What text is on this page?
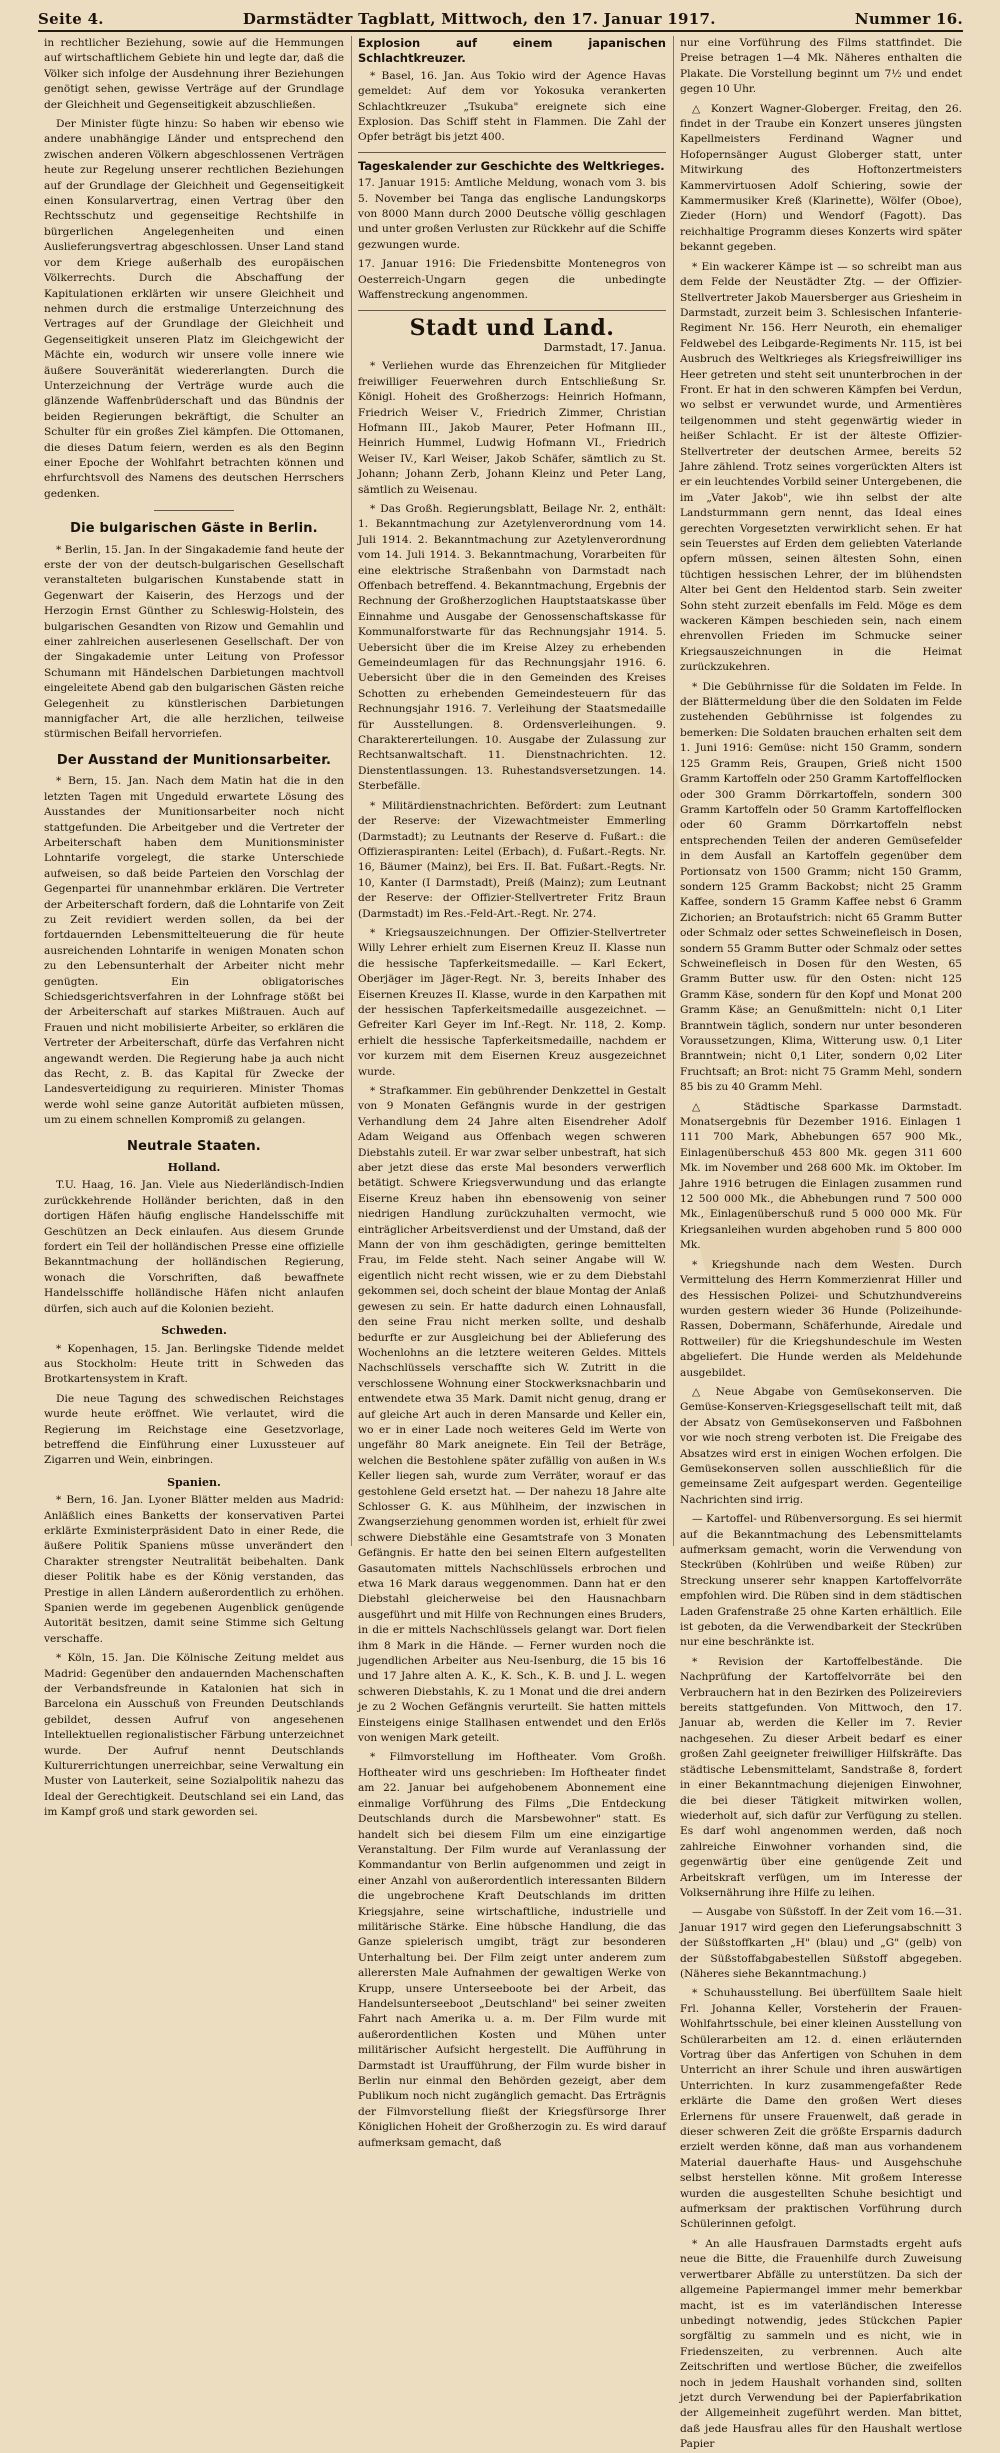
Seite 4.	Darmstädter Tagblatt, Mittwoch, den 17. Januar 1917.	Nummer 16.

in rechtlicher Beziehung, sowie auf die Hemmungen auf wirtschaftlichem Gebiete hin und legte dar, daß die Völker sich infolge der Ausdehnung ihrer Beziehungen genötigt sehen, gewisse Verträge auf der Grundlage der Gleichheit und Gegenseitigkeit abzuschließen.

Der Minister fügte hinzu: So haben wir ebenso wie andere unabhängige Länder und entsprechend den zwischen anderen Völkern abgeschlossenen Verträgen heute zur Regelung unserer rechtlichen Beziehungen auf der Grundlage der Gleichheit und Gegenseitigkeit einen Konsularvertrag, einen Vertrag über den Rechtsschutz und gegenseitige Rechtshilfe in bürgerlichen Angelegenheiten und einen Auslieferungsvertrag abgeschlossen. Unser Land stand vor dem Kriege außerhalb des europäischen Völkerrechts. Durch die Abschaffung der Kapitulationen erklärten wir unsere Gleichheit und nehmen durch die erstmalige Unterzeichnung des Vertrages auf der Grundlage der Gleichheit und Gegenseitigkeit unseren Platz im Gleichgewicht der Mächte ein, wodurch wir unsere volle innere wie äußere Souveränität wiedererlangten. Durch die Unterzeichnung der Verträge wurde auch die glänzende Waffenbrüderschaft und das Bündnis der beiden Regierungen bekräftigt, die Schulter an Schulter für ein großes Ziel kämpfen. Die Ottomanen, die dieses Datum feiern, werden es als den Beginn einer Epoche der Wohlfahrt betrachten können und ehrfurchtsvoll des Namens des deutschen Herrschers gedenken.

Die bulgarischen Gäste in Berlin.

* Berlin, 15. Jan. In der Singakademie fand heute der erste der von der deutsch-bulgarischen Gesellschaft veranstalteten bulgarischen Kunstabende statt in Gegenwart der Kaiserin, des Herzogs und der Herzogin Ernst Günther zu Schleswig-Holstein, des bulgarischen Gesandten von Rizow und Gemahlin und einer zahlreichen auserlesenen Gesellschaft. Der von der Singakademie unter Leitung von Professor Schumann mit Händelschen Darbietungen machtvoll eingeleitete Abend gab den bulgarischen Gästen reiche Gelegenheit zu künstlerischen Darbietungen mannigfacher Art, die alle herzlichen, teilweise stürmischen Beifall hervorriefen.

Der Ausstand der Munitionsarbeiter.

* Bern, 15. Jan. Nach dem Matin hat die in den letzten Tagen mit Ungeduld erwartete Lösung des Ausstandes der Munitionsarbeiter noch nicht stattgefunden. Die Arbeitgeber und die Vertreter der Arbeiterschaft haben dem Munitionsminister Lohntarife vorgelegt, die starke Unterschiede aufweisen, so daß beide Parteien den Vorschlag der Gegenpartei für unannehmbar erklären. Die Vertreter der Arbeiterschaft fordern, daß die Lohntarife von Zeit zu Zeit revidiert werden sollen, da bei der fortdauernden Lebensmittelteuerung die für heute ausreichenden Lohntarife in wenigen Monaten schon zu den Lebensunterhalt der Arbeiter nicht mehr genügten. Ein obligatorisches Schiedsgerichtsverfahren in der Lohnfrage stößt bei der Arbeiterschaft auf starkes Mißtrauen. Auch auf Frauen und nicht mobilisierte Arbeiter, so erklären die Vertreter der Arbeiterschaft, dürfe das Verfahren nicht angewandt werden. Die Regierung habe ja auch nicht das Recht, z. B. das Kapital für Zwecke der Landesverteidigung zu requirieren. Minister Thomas werde wohl seine ganze Autorität aufbieten müssen, um zu einem schnellen Kompromiß zu gelangen.

Neutrale Staaten.
Holland.

T.U. Haag, 16. Jan. Viele aus Niederländisch-Indien zurückkehrende Holländer berichten, daß in den dortigen Häfen häufig englische Handelsschiffe mit Geschützen an Deck einlaufen. Aus diesem Grunde fordert ein Teil der holländischen Presse eine offizielle Bekanntmachung der holländischen Regierung, wonach die Vorschriften, daß bewaffnete Handelsschiffe holländische Häfen nicht anlaufen dürfen, sich auch auf die Kolonien bezieht.

Schweden.

* Kopenhagen, 15. Jan. Berlingske Tidende meldet aus Stockholm: Heute tritt in Schweden das Brotkartensystem in Kraft.

Die neue Tagung des schwedischen Reichstages wurde heute eröffnet. Wie verlautet, wird die Regierung im Reichstage eine Gesetzvorlage, betreffend die Einführung einer Luxussteuer auf Zigarren und Wein, einbringen.

Spanien.

* Bern, 16. Jan. Lyoner Blätter melden aus Madrid: Anläßlich eines Banketts der konservativen Partei erklärte Exministerpräsident Dato in einer Rede, die äußere Politik Spaniens müsse unverändert den Charakter strengster Neutralität beibehalten. Dank dieser Politik habe es der König verstanden, das Prestige in allen Ländern außerordentlich zu erhöhen. Spanien werde im gegebenen Augenblick genügende Autorität besitzen, damit seine Stimme sich Geltung verschaffe.

* Köln, 15. Jan. Die Kölnische Zeitung meldet aus Madrid: Gegenüber den andauernden Machenschaften der Verbandsfreunde in Katalonien hat sich in Barcelona ein Ausschuß von Freunden Deutschlands gebildet, dessen Aufruf von angesehenen Intellektuellen regionalistischer Färbung unterzeichnet wurde. Der Aufruf nennt Deutschlands Kulturerrichtungen unerreichbar, seine Verwaltung ein Muster von Lauterkeit, seine Sozialpolitik nahezu das Ideal der Gerechtigkeit. Deutschland sei ein Land, das im Kampf groß und stark geworden sei.

Explosion auf einem japanischen Schlachtkreuzer.

* Basel, 16. Jan. Aus Tokio wird der Agence Havas gemeldet: Auf dem vor Yokosuka verankerten Schlachtkreuzer „Tsukuba" ereignete sich eine Explosion. Das Schiff steht in Flammen. Die Zahl der Opfer beträgt bis jetzt 400.

Tageskalender zur Geschichte des Weltkrieges.

17. Januar 1915: Amtliche Meldung, wonach vom 3. bis 5. November bei Tanga das englische Landungskorps von 8000 Mann durch 2000 Deutsche völlig geschlagen und unter großen Verlusten zur Rückkehr auf die Schiffe gezwungen wurde.

17. Januar 1916: Die Friedensbitte Montenegros von Oesterreich-Ungarn gegen die unbedingte Waffenstreckung angenommen.

Stadt und Land.
Darmstadt, 17. Janua.

* Verliehen wurde das Ehrenzeichen für Mitglieder freiwilliger Feuerwehren durch Entschließung Sr. Königl. Hoheit des Großherzogs: Heinrich Hofmann, Friedrich Weiser V., Friedrich Zimmer, Christian Hofmann III., Jakob Maurer, Peter Hofmann III., Heinrich Hummel, Ludwig Hofmann VI., Friedrich Weiser IV., Karl Weiser, Jakob Schäfer, sämtlich zu St. Johann; Johann Zerb, Johann Kleinz und Peter Lang, sämtlich zu Weisenau.

* Das Großh. Regierungsblatt, Beilage Nr. 2, enthält: 1. Bekanntmachung zur Azetylenverordnung vom 14. Juli 1914. 2. Bekanntmachung zur Azetylenverordnung vom 14. Juli 1914. 3. Bekanntmachung, Vorarbeiten für eine elektrische Straßenbahn von Darmstadt nach Offenbach betreffend. 4. Bekanntmachung, Ergebnis der Rechnung der Großherzoglichen Hauptstaatskasse über Einnahme und Ausgabe der Genossenschaftskasse für Kommunalforstwarte für das Rechnungsjahr 1914. 5. Uebersicht über die im Kreise Alzey zu erhebenden Gemeindeumlagen für das Rechnungsjahr 1916. 6. Uebersicht über die in den Gemeinden des Kreises Schotten zu erhebenden Gemeindesteuern für das Rechnungsjahr 1916. 7. Verleihung der Staatsmedaille für Ausstellungen. 8. Ordensverleihungen. 9. Charaktererteilungen. 10. Ausgabe der Zulassung zur Rechtsanwaltschaft. 11. Dienstnachrichten. 12. Dienstentlassungen. 13. Ruhestandsversetzungen. 14. Sterbefälle.

* Militärdienstnachrichten. Befördert: zum Leutnant der Reserve: der Vizewachtmeister Emmerling (Darmstadt); zu Leutnants der Reserve d. Fußart.: die Offizieraspiranten: Leitel (Erbach), d. Fußart.-Regts. Nr. 16, Bäumer (Mainz), bei Ers. II. Bat. Fußart.-Regts. Nr. 10, Kanter (I Darmstadt), Preiß (Mainz); zum Leutnant der Reserve: der Offizier-Stellvertreter Fritz Braun (Darmstadt) im Res.-Feld-Art.-Regt. Nr. 274.

* Kriegsauszeichnungen. Der Offizier-Stellvertreter Willy Lehrer erhielt zum Eisernen Kreuz II. Klasse nun die hessische Tapferkeitsmedaille. — Karl Eckert, Oberjäger im Jäger-Regt. Nr. 3, bereits Inhaber des Eisernen Kreuzes II. Klasse, wurde in den Karpathen mit der hessischen Tapferkeitsmedaille ausgezeichnet. — Gefreiter Karl Geyer im Inf.-Regt. Nr. 118, 2. Komp. erhielt die hessische Tapferkeitsmedaille, nachdem er vor kurzem mit dem Eisernen Kreuz ausgezeichnet wurde.

* Strafkammer. Ein gebührender Denkzettel in Gestalt von 9 Monaten Gefängnis wurde in der gestrigen Verhandlung dem 24 Jahre alten Eisendreher Adolf Adam Weigand aus Offenbach wegen schweren Diebstahls zuteil. Er war zwar selber unbestraft, hat sich aber jetzt diese das erste Mal besonders verwerflich betätigt. Schwere Kriegsverwundung und das erlangte Eiserne Kreuz haben ihn ebensowenig von seiner niedrigen Handlung zurückzuhalten vermocht, wie einträglicher Arbeitsverdienst und der Umstand, daß der Mann der von ihm geschädigten, geringe bemittelten Frau, im Felde steht. Nach seiner Angabe will W. eigentlich nicht recht wissen, wie er zu dem Diebstahl gekommen sei, doch scheint der blaue Montag der Anlaß gewesen zu sein. Er hatte dadurch einen Lohnausfall, den seine Frau nicht merken sollte, und deshalb bedurfte er zur Ausgleichung bei der Ablieferung des Wochenlohns an die letztere weiteren Geldes. Mittels Nachschlüssels verschaffte sich W. Zutritt in die verschlossene Wohnung einer Stockwerksnachbarin und entwendete etwa 35 Mark. Damit nicht genug, drang er auf gleiche Art auch in deren Mansarde und Keller ein, wo er in einer Lade noch weiteres Geld im Werte von ungefähr 80 Mark aneignete. Ein Teil der Beträge, welchen die Bestohlene später zufällig von außen in W.s Keller liegen sah, wurde zum Verräter, worauf er das gestohlene Geld ersetzt hat. — Der nahezu 18 Jahre alte Schlosser G. K. aus Mühlheim, der inzwischen in Zwangserziehung genommen worden ist, erhielt für zwei schwere Diebstähle eine Gesamtstrafe von 3 Monaten Gefängnis. Er hatte den bei seinen Eltern aufgestellten Gasautomaten mittels Nachschlüssels erbrochen und etwa 16 Mark daraus weggenommen. Dann hat er den Diebstahl gleicherweise bei den Hausnachbarn ausgeführt und mit Hilfe von Rechnungen eines Bruders, in die er mittels Nachschlüssels gelangt war. Dort fielen ihm 8 Mark in die Hände. — Ferner wurden noch die jugendlichen Arbeiter aus Neu-Isenburg, die 15 bis 16 und 17 Jahre alten A. K., K. Sch., K. B. und J. L. wegen schweren Diebstahls, K. zu 1 Monat und die drei andern je zu 2 Wochen Gefängnis verurteilt. Sie hatten mittels Einsteigens einige Stallhasen entwendet und den Erlös von wenigen Mark geteilt.

* Filmvorstellung im Hoftheater. Vom Großh. Hoftheater wird uns geschrieben: Im Hoftheater findet am 22. Januar bei aufgehobenem Abonnement eine einmalige Vorführung des Films „Die Entdeckung Deutschlands durch die Marsbewohner" statt. Es handelt sich bei diesem Film um eine einzigartige Veranstaltung. Der Film wurde auf Veranlassung der Kommandantur von Berlin aufgenommen und zeigt in einer Anzahl von außerordentlich interessanten Bildern die ungebrochene Kraft Deutschlands im dritten Kriegsjahre, seine wirtschaftliche, industrielle und militärische Stärke. Eine hübsche Handlung, die das Ganze spielerisch umgibt, trägt zur besonderen Unterhaltung bei. Der Film zeigt unter anderem zum allerersten Male Aufnahmen der gewaltigen Werke von Krupp, unsere Unterseeboote bei der Arbeit, das Handelsunterseeboot „Deutschland" bei seiner zweiten Fahrt nach Amerika u. a. m. Der Film wurde mit außerordentlichen Kosten und Mühen unter militärischer Aufsicht hergestellt. Die Aufführung in Darmstadt ist Uraufführung, der Film wurde bisher in Berlin nur einmal den Behörden gezeigt, aber dem Publikum noch nicht zugänglich gemacht. Das Erträgnis der Filmvorstellung fließt der Kriegsfürsorge Ihrer Königlichen Hoheit der Großherzogin zu. Es wird darauf aufmerksam gemacht, daß

nur eine Vorführung des Films stattfindet. Die Preise betragen 1—4 Mk. Näheres enthalten die Plakate. Die Vorstellung beginnt um 7½ und endet gegen 10 Uhr.

△ Konzert Wagner-Globerger. Freitag, den 26. findet in der Traube ein Konzert unseres jüngsten Kapellmeisters Ferdinand Wagner und Hofopernsänger August Globerger statt, unter Mitwirkung des Hoftonzertmeisters Kammervirtuosen Adolf Schiering, sowie der Kammermusiker Kreß (Klarinette), Wölfer (Oboe), Zieder (Horn) und Wendorf (Fagott). Das reichhaltige Programm dieses Konzerts wird später bekannt gegeben.

* Ein wackerer Kämpe ist — so schreibt man aus dem Felde der Neustädter Ztg. — der Offizier-Stellvertreter Jakob Mauersberger aus Griesheim in Darmstadt, zurzeit beim 3. Schlesischen Infanterie-Regiment Nr. 156. Herr Neuroth, ein ehemaliger Feldwebel des Leibgarde-Regiments Nr. 115, ist bei Ausbruch des Weltkrieges als Kriegsfreiwilliger ins Heer getreten und steht seit ununterbrochen in der Front. Er hat in den schweren Kämpfen bei Verdun, wo selbst er verwundet wurde, und Armentières teilgenommen und steht gegenwärtig wieder in heißer Schlacht. Er ist der älteste Offizier-Stellvertreter der deutschen Armee, bereits 52 Jahre zählend. Trotz seines vorgerückten Alters ist er ein leuchtendes Vorbild seiner Untergebenen, die im „Vater Jakob", wie ihn selbst der alte Landsturmmann gern nennt, das Ideal eines gerechten Vorgesetzten verwirklicht sehen. Er hat sein Teuerstes auf Erden dem geliebten Vaterlande opfern müssen, seinen ältesten Sohn, einen tüchtigen hessischen Lehrer, der im blühendsten Alter bei Gent den Heldentod starb. Sein zweiter Sohn steht zurzeit ebenfalls im Feld. Möge es dem wackeren Kämpen beschieden sein, nach einem ehrenvollen Frieden im Schmucke seiner Kriegsauszeichnungen in die Heimat zurückzukehren.

* Die Gebührnisse für die Soldaten im Felde. In der Blättermeldung über die den Soldaten im Felde zustehenden Gebührnisse ist folgendes zu bemerken: Die Soldaten brauchen erhalten seit dem 1. Juni 1916: Gemüse: nicht 150 Gramm, sondern 125 Gramm Reis, Graupen, Grieß nicht 1500 Gramm Kartoffeln oder 250 Gramm Kartoffelflocken oder 300 Gramm Dörrkartoffeln, sondern 300 Gramm Kartoffeln oder 50 Gramm Kartoffelflocken oder 60 Gramm Dörrkartoffeln nebst entsprechenden Teilen der anderen Gemüsefelder in dem Ausfall an Kartoffeln gegenüber dem Portionsatz von 1500 Gramm; nicht 150 Gramm, sondern 125 Gramm Backobst; nicht 25 Gramm Kaffee, sondern 15 Gramm Kaffee nebst 6 Gramm Zichorien; an Brotaufstrich: nicht 65 Gramm Butter oder Schmalz oder settes Schweinefleisch in Dosen, sondern 55 Gramm Butter oder Schmalz oder settes Schweinefleisch in Dosen für den Westen, 65 Gramm Butter usw. für den Osten: nicht 125 Gramm Käse, sondern für den Kopf und Monat 200 Gramm Käse; an Genußmitteln: nicht 0,1 Liter Branntwein täglich, sondern nur unter besonderen Voraussetzungen, Klima, Witterung usw. 0,1 Liter Branntwein; nicht 0,1 Liter, sondern 0,02 Liter Fruchtsaft; an Brot: nicht 75 Gramm Mehl, sondern 85 bis zu 40 Gramm Mehl.

△ Städtische Sparkasse Darmstadt. Monatsergebnis für Dezember 1916. Einlagen 1 111 700 Mark, Abhebungen 657 900 Mk., Einlagenüberschuß 453 800 Mk. gegen 311 600 Mk. im November und 268 600 Mk. im Oktober. Im Jahre 1916 betrugen die Einlagen zusammen rund 12 500 000 Mk., die Abhebungen rund 7 500 000 Mk., Einlagenüberschuß rund 5 000 000 Mk. Für Kriegsanleihen wurden abgehoben rund 5 800 000 Mk.

* Kriegshunde nach dem Westen. Durch Vermittelung des Herrn Kommerzienrat Hiller und des Hessischen Polizei- und Schutzhundvereins wurden gestern wieder 36 Hunde (Polizeihunde-Rassen, Dobermann, Schäferhunde, Airedale und Rottweiler) für die Kriegshundeschule im Westen abgeliefert. Die Hunde werden als Meldehunde ausgebildet.

△ Neue Abgabe von Gemüsekonserven. Die Gemüse-Konserven-Kriegsgesellschaft teilt mit, daß der Absatz von Gemüsekonserven und Faßbohnen vor wie noch streng verboten ist. Die Freigabe des Absatzes wird erst in einigen Wochen erfolgen. Die Gemüsekonserven sollen ausschließlich für die gemeinsame Zeit aufgespart werden. Gegenteilige Nachrichten sind irrig.

— Kartoffel- und Rübenversorgung. Es sei hiermit auf die Bekanntmachung des Lebensmittelamts aufmerksam gemacht, worin die Verwendung von Steckrüben (Kohlrüben und weiße Rüben) zur Streckung unserer sehr knappen Kartoffelvorräte empfohlen wird. Die Rüben sind in dem städtischen Laden Grafenstraße 25 ohne Karten erhältlich. Eile ist geboten, da die Verwendbarkeit der Steckrüben nur eine beschränkte ist.

* Revision der Kartoffelbestände. Die Nachprüfung der Kartoffelvorräte bei den Verbrauchern hat in den Bezirken des Polizeireviers bereits stattgefunden. Von Mittwoch, den 17. Januar ab, werden die Keller im 7. Revier nachgesehen. Zu dieser Arbeit bedarf es einer großen Zahl geeigneter freiwilliger Hilfskräfte. Das städtische Lebensmittelamt, Sandstraße 8, fordert in einer Bekanntmachung diejenigen Einwohner, die bei dieser Tätigkeit mitwirken wollen, wiederholt auf, sich dafür zur Verfügung zu stellen. Es darf wohl angenommen werden, daß noch zahlreiche Einwohner vorhanden sind, die gegenwärtig über eine genügende Zeit und Arbeitskraft verfügen, um im Interesse der Volksernährung ihre Hilfe zu leihen.

— Ausgabe von Süßstoff. In der Zeit vom 16.—31. Januar 1917 wird gegen den Lieferungsabschnitt 3 der Süßstoffkarten „H" (blau) und „G" (gelb) von der Süßstoffabgabestellen Süßstoff abgegeben. (Näheres siehe Bekanntmachung.)

* Schuhausstellung. Bei überfülltem Saale hielt Frl. Johanna Keller, Vorsteherin der Frauen-Wohlfahrtsschule, bei einer kleinen Ausstellung von Schülerarbeiten am 12. d. einen erläuternden Vortrag über das Anfertigen von Schuhen in dem Unterricht an ihrer Schule und ihren auswärtigen Unterrichten. In kurz zusammengefaßter Rede erklärte die Dame den großen Wert dieses Erlernens für unsere Frauenwelt, daß gerade in dieser schweren Zeit die größte Ersparnis dadurch erzielt werden könne, daß man aus vorhandenem Material dauerhafte Haus- und Ausgehschuhe selbst herstellen könne. Mit großem Interesse wurden die ausgestellten Schuhe besichtigt und aufmerksam der praktischen Vorführung durch Schülerinnen gefolgt.

* An alle Hausfrauen Darmstadts ergeht aufs neue die Bitte, die Frauenhilfe durch Zuweisung verwertbarer Abfälle zu unterstützen. Da sich der allgemeine Papiermangel immer mehr bemerkbar macht, ist es im vaterländischen Interesse unbedingt notwendig, jedes Stückchen Papier sorgfältig zu sammeln und es nicht, wie in Friedenszeiten, zu verbrennen. Auch alte Zeitschriften und wertlose Bücher, die zweifellos noch in jedem Haushalt vorhanden sind, sollten jetzt durch Verwendung bei der Papierfabrikation der Allgemeinheit zugeführt werden. Man bittet, daß jede Hausfrau alles für den Haushalt wertlose Papier
